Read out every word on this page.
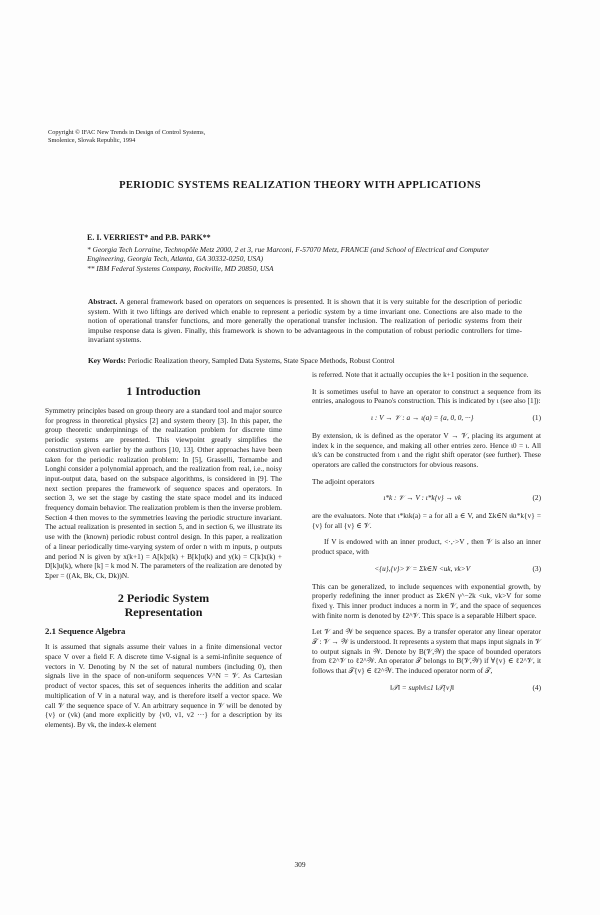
Copyright © IFAC New Trends in Design of Control Systems,
Smolenice, Slovak Republic, 1994
PERIODIC SYSTEMS REALIZATION THEORY WITH APPLICATIONS
E. I. VERRIEST* and P.B. PARK**
* Georgia Tech Lorraine, Technopôle Metz 2000, 2 et 3, rue Marconi, F-57070 Metz, FRANCE (and School of Electrical and Computer Engineering, Georgia Tech, Atlanta, GA 30332-0250, USA)
** IBM Federal Systems Company, Rockville, MD 20850, USA
Abstract. A general framework based on operators on sequences is presented. It is shown that it is very suitable for the description of periodic system. With it two liftings are derived which enable to represent a periodic system by a time invariant one. Conections are also made to the notion of operational transfer functions, and more generally the operational transfer inclusion. The realization of periodic systems from their impulse response data is given. Finally, this framework is shown to be advantageous in the computation of robust periodic controllers for time-invariant systems.
Key Words: Periodic Realization theory, Sampled Data Systems, State Space Methods, Robust Control
1 Introduction

Symmetry principles based on group theory are a standard tool and major source for progress in theoretical physics [2] and system theory [3]. In this paper, the group theoretic underpinnings of the realization problem for discrete time periodic systems are presented. This viewpoint greatly simplifies the construction given earlier by the authors [10, 13]. Other approaches have been taken for the periodic realization problem: In [5], Grasselli, Tornambe and Longhi consider a polynomial approach, and the realization from real, i.e., noisy input-output data, based on the subspace algorithms, is considered in [9]. The next section prepares the framework of sequence spaces and operators. In section 3, we set the stage by casting the state space model and its induced frequency domain behavior. The realization problem is then the inverse problem. Section 4 then moves to the symmetries leaving the periodic structure invariant. The actual realization is presented in section 5, and in section 6, we illustrate its use with the (known) periodic robust control design. In this paper, a realization of a linear periodically time-varying system of order n with m inputs, p outputs and period N is given by x(k+1) = A[k]x(k) + B[k]u(k) and y(k) = C[k]x(k) + D[k]u(k), where [k] = k mod N. The parameters of the realization are denoted by Σper = ((Ak, Bk, Ck, Dk))N.

2 Periodic System
Representation
2.1 Sequence Algebra

It is assumed that signals assume their values in a finite dimensional vector space V over a field F. A discrete time V-signal is a semi-infinite sequence of vectors in V. Denoting by N the set of natural numbers (including 0), then signals live in the space of non-uniform sequences V^N = 𝒱. As Cartesian product of vector spaces, this set of sequences inherits the addition and scalar multiplication of V in a natural way, and is therefore itself a vector space. We call 𝒱 the sequence space of V. An arbitrary sequence in 𝒱 will be denoted by {v} or (vk) (and more explicitly by {v0, v1, v2 ···} for a description by its elements). By vk, the index-k element

is referred. Note that it actually occupies the k+1 position in the sequence.

It is sometimes useful to have an operator to construct a sequence from its entries, analogous to Peano's construction. This is indicated by ι (see also [1]):

ι : V → 𝒱 : a → ι(a) = {a, 0, 0, ···}	(1)

By extension, ιk is defined as the operator V → 𝒱, placing its argument at index k in the sequence, and making all other entries zero. Hence ι0 = ι. All ιk's can be constructed from ι and the right shift operator (see further). These operators are called the constructors for obvious reasons.

The adjoint operators

ι*k : 𝒱 → V : ι*k{v} → vk	(2)

are the evaluators. Note that ι*kιk(a) = a for all a ∈ V, and Σk∈N ιkι*k{v} = {v} for all {v} ∈ 𝒱.

If V is endowed with an inner product, <·,·>V , then 𝒱 is also an inner product space, with

<{u},{v}>𝒱 = Σk∈N <uk, vk>V	(3)

This can be generalized, to include sequences with exponential growth, by properly redefining the inner product as Σk∈N γ^−2k <uk, vk>V for some fixed γ. This inner product induces a norm in 𝒱, and the space of sequences with finite norm is denoted by ℓ2^𝒱. This space is a separable Hilbert space.

Let 𝒱 and 𝒲 be sequence spaces. By a transfer operator any linear operator 𝒯 : 𝒱 → 𝒲 is understood. It represents a system that maps input signals in 𝒱 to output signals in 𝒲. Denote by B(𝒱,𝒲) the space of bounded operators from ℓ2^𝒱 to ℓ2^𝒲. An operator 𝒯 belongs to B(𝒱,𝒲) if ∀{v} ∈ ℓ2^𝒱, it follows that 𝒯{v} ∈ ℓ2^𝒲. The induced operator norm of 𝒯,

‖𝒯‖ = sup‖v‖≤1 ‖𝒯{v}‖	(4)
309
